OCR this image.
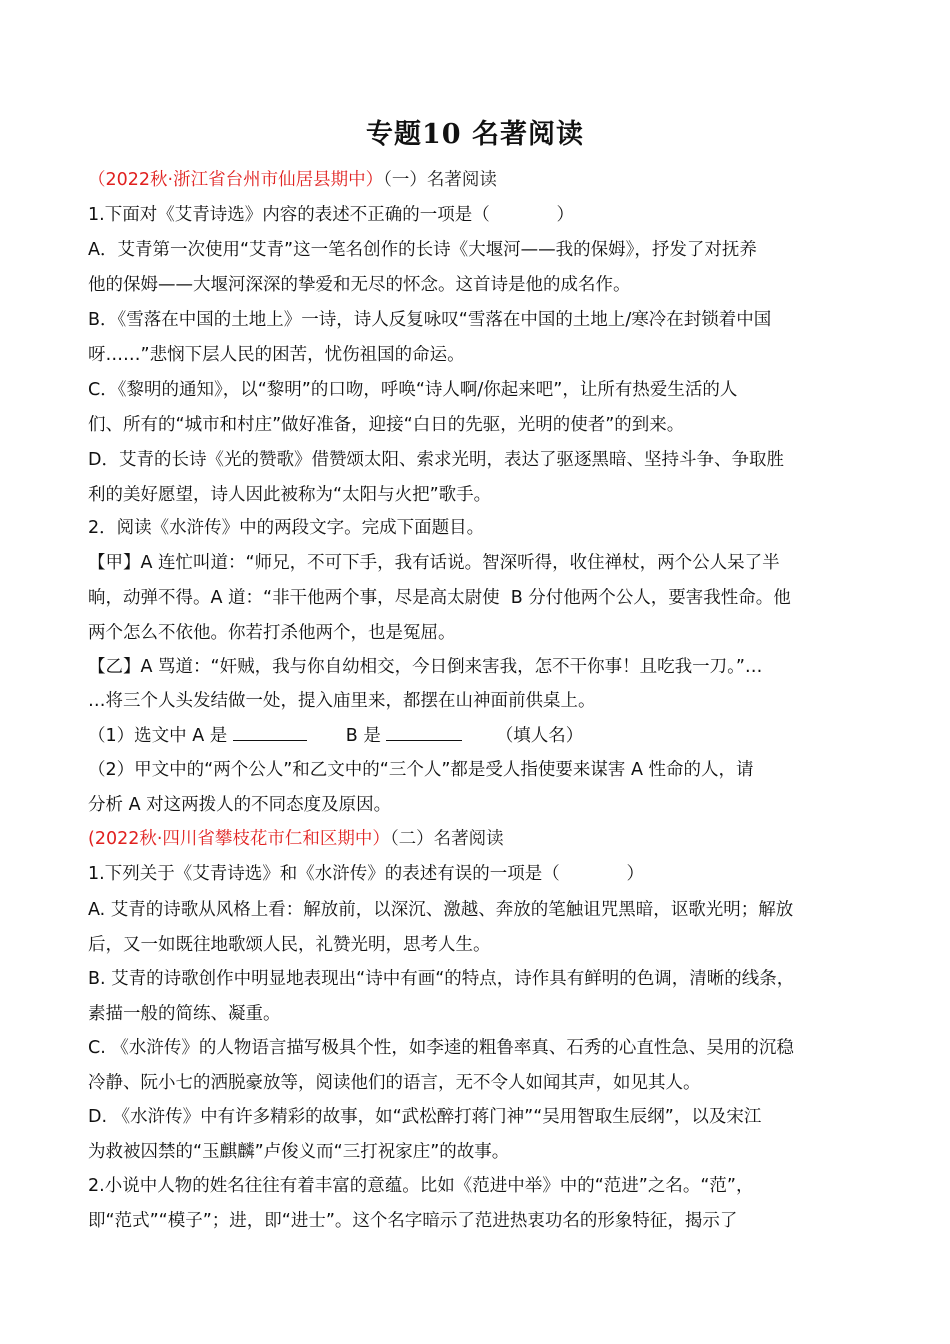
专题10 名著阅读
（2022秋·浙江省台州市仙居县期中）（一）名著阅读
1.下面对《艾青诗选》内容的表述不正确的一项是（            ）
A．艾青第一次使用“艾青”这一笔名创作的长诗《大堰河——我的保姆》，抒发了对抚养
他的保姆——大堰河深深的挚爱和无尽的怀念。这首诗是他的成名作。
B．《雪落在中国的土地上》一诗，诗人反复咏叹“雪落在中国的土地上/寒冷在封锁着中国
呀……”悲悯下层人民的困苦，忧伤祖国的命运。
C．《黎明的通知》，以“黎明”的口吻，呼唤“诗人啊/你起来吧”，让所有热爱生活的人
们、所有的“城市和村庄”做好准备，迎接“白日的先驱，光明的使者”的到来。
D．艾青的长诗《光的赞歌》借赞颂太阳、索求光明，表达了驱逐黑暗、坚持斗争、争取胜
利的美好愿望，诗人因此被称为“太阳与火把”歌手。
2．阅读《水浒传》中的两段文字。完成下面题目。
【甲】A 连忙叫道：“师兄，不可下手，我有话说。智深听得，收住禅杖，两个公人呆了半
晌，动弹不得。A 道：“非干他两个事，尽是高太尉使  B 分付他两个公人，要害我性命。他
两个怎么不依他。你若打杀他两个，也是冤屈。
【乙】A 骂道：“奸贼，我与你自幼相交，今日倒来害我，怎不干你事！且吃我一刀。”…
…将三个人头发结做一处，提入庙里来，都摆在山神面前供桌上。
（1）选文中 A 是	B 是	（填人名）
（2）甲文中的“两个公人”和乙文中的“三个人”都是受人指使要来谋害 A 性命的人，请
分析 A 对这两拨人的不同态度及原因。
(2022秋·四川省攀枝花市仁和区期中）（二）名著阅读
1.下列关于《艾青诗选》和《水浒传》的表述有误的一项是（            ）
A. 艾青的诗歌从风格上看：解放前，以深沉、激越、奔放的笔触诅咒黑暗，讴歌光明；解放
后，又一如既往地歌颂人民，礼赞光明，思考人生。
B. 艾青的诗歌创作中明显地表现出“诗中有画“的特点，诗作具有鲜明的色调，清晰的线条，
素描一般的简练、凝重。
C. 《水浒传》的人物语言描写极具个性，如李逵的粗鲁率真、石秀的心直性急、吴用的沉稳
冷静、阮小七的洒脱豪放等，阅读他们的语言，无不令人如闻其声，如见其人。
D. 《水浒传》中有许多精彩的故事，如“武松醉打蒋门神”“吴用智取生辰纲”，以及宋江
为救被囚禁的“玉麒麟”卢俊义而“三打祝家庄”的故事。
2.小说中人物的姓名往往有着丰富的意蕴。比如《范进中举》中的“范进”之名。“范”，
即“范式”“模子”；进，即“进士”。这个名字暗示了范进热衷功名的形象特征，揭示了
